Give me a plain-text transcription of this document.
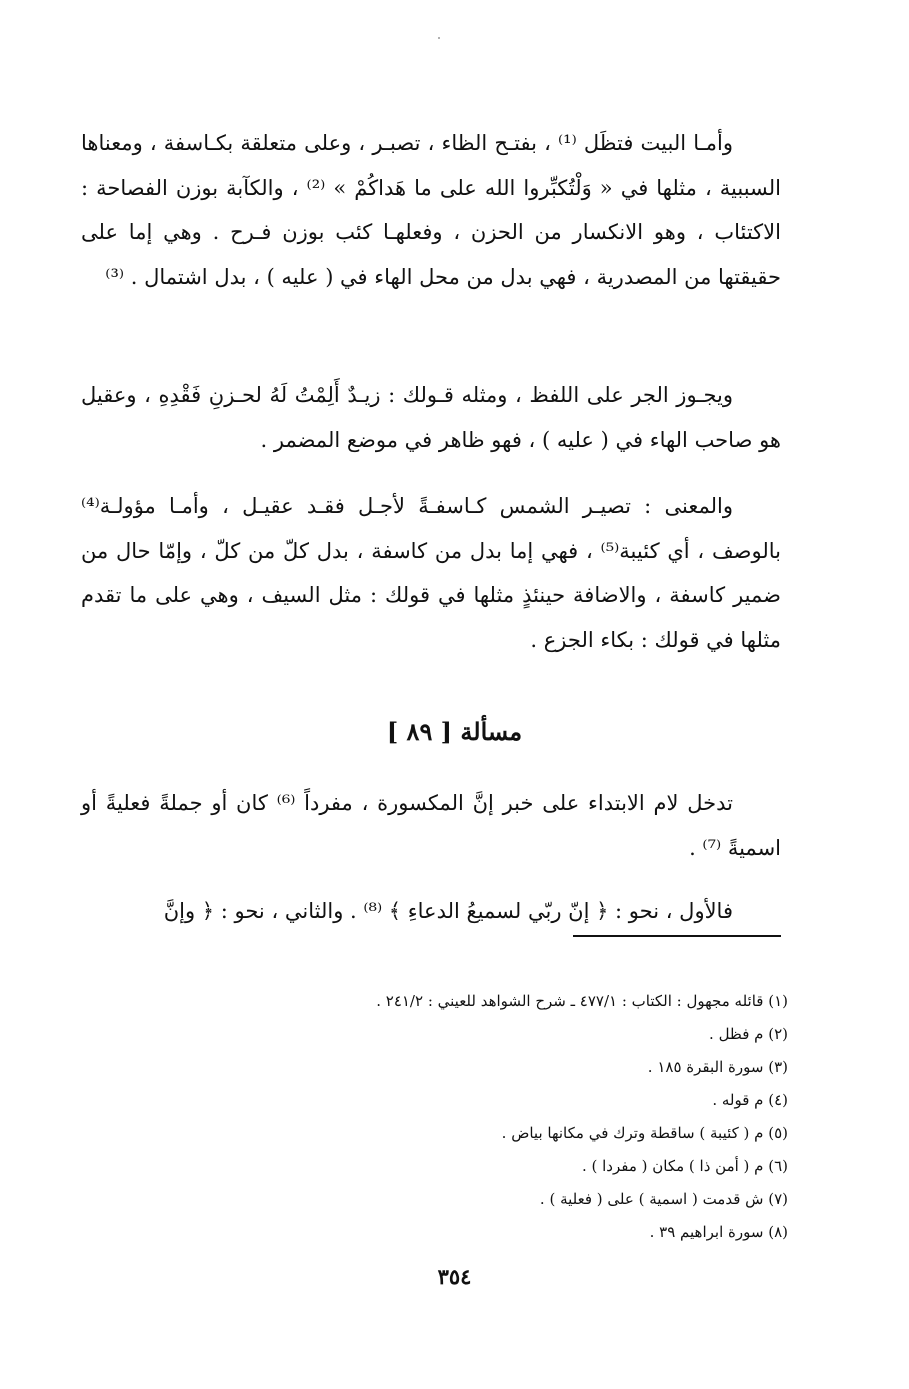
وأمـا البيت فتظَل ⁽¹⁾ ، بفتـح الظاء ، تصبـر ، وعلى متعلقة بكـاسفة ، ومعناها السببية ، مثلها في « وَلْتُكبِّروا الله على ما هَداكُمْ » ⁽²⁾ ، والكآبة بوزن الفصاحة : الاكتئاب ، وهو الانكسار من الحزن ، وفعلهـا كئب بوزن فـرح . وهي إما على حقيقتها من المصدرية ، فهي بدل من محل الهاء في ( عليه ) ، بدل اشتمال . ⁽³⁾

ويجـوز الجر على اللفظ ، ومثله قـولك : زيـدٌ أَلِمْتُ لَهُ لحـزنِ فَقْدِهِ ، وعقيل هو صاحب الهاء في ( عليه ) ، فهو ظاهر في موضع المضمر .

والمعنى : تصيـر الشمس كـاسفـةً لأجـل فقـد عقيـل ، وأمـا مؤولـة⁽⁴⁾ بالوصف ، أي كئيبة⁽⁵⁾ ، فهي إما بدل من كاسفة ، بدل كلّ من كلّ ، وإمّا حال من ضمير كاسفة ، والاضافة حينئذٍ مثلها في قولك : مثل السيف ، وهي على ما تقدم مثلها في قولك : بكاء الجزع .

مسألة [ ٨٩ ]

تدخل لام الابتداء على خبر إنَّ المكسورة ، مفرداً ⁽⁶⁾ كان أو جملةً فعليةً أو اسميةً ⁽⁷⁾ .

فالأول ، نحو : ﴿ إنّ ربّي لسميعُ الدعاءِ ﴾ ⁽⁸⁾ . والثاني ، نحو : ﴿ وإنَّ

(١) قائله مجهول : الكتاب : ٤٧٧/١ ـ شرح الشواهد للعيني : ٢٤١/٢ .
(٢) م فظل .
(٣) سورة البقرة ١٨٥ .
(٤) م قوله .
(٥) م ( كئيبة ) ساقطة وترك في مكانها بياض .
(٦) م ( أمن ذا ) مكان ( مفردا ) .
(٧) ش قدمت ( اسمية ) على ( فعلية ) .
(٨) سورة ابراهيم ٣٩ .
٣٥٤
